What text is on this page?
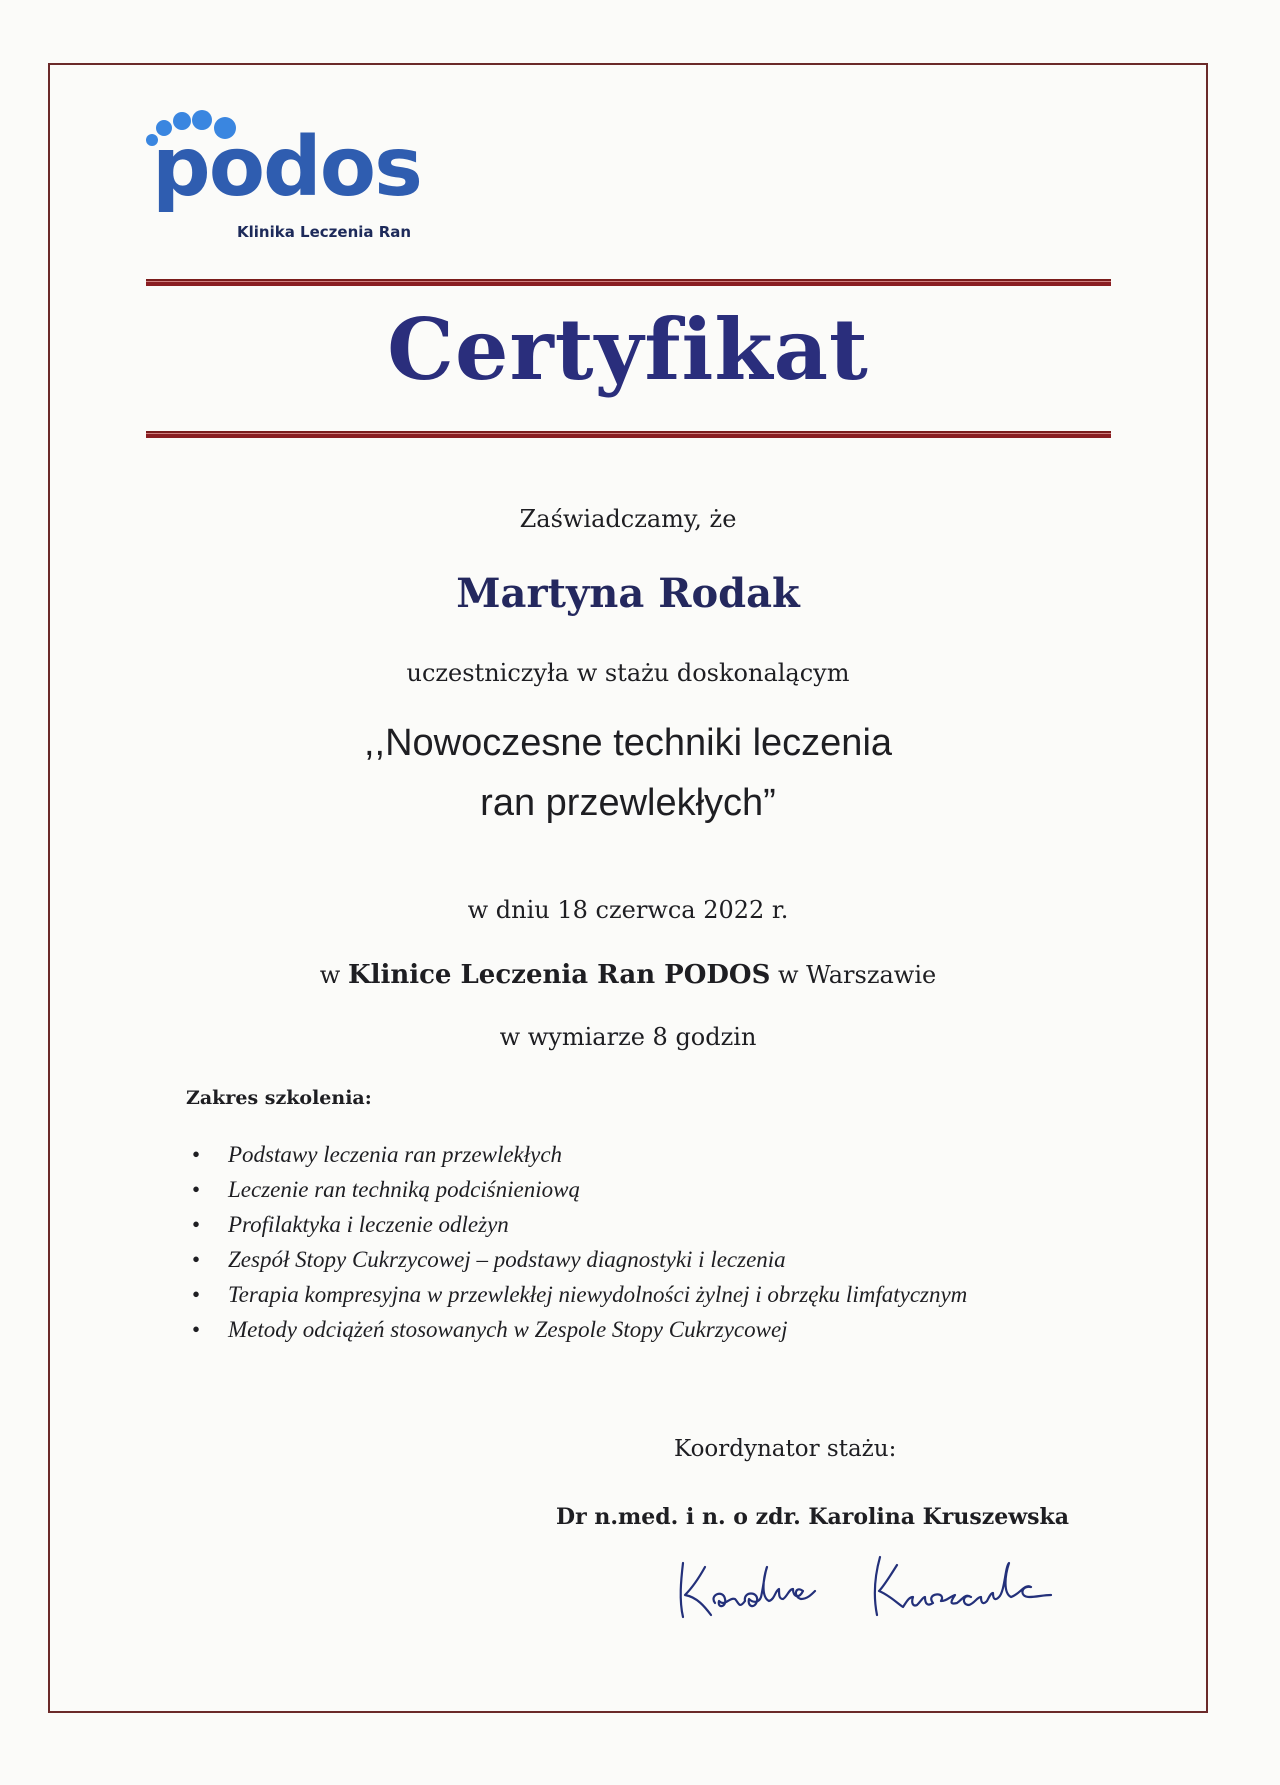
podos
Klinika Leczenia Ran
Certyfikat
Zaświadczamy, że
Martyna Rodak
uczestniczyła w stażu doskonalącym
,,Nowoczesne techniki leczenia
ran przewlekłych”
w dniu 18 czerwca 2022 r.
w Klinice Leczenia Ran PODOS w Warszawie
w wymiarze 8 godzin
Zakres szkolenia:
• Podstawy leczenia ran przewlekłych
• Leczenie ran techniką podciśnieniową
• Profilaktyka i leczenie odleżyn
• Zespół Stopy Cukrzycowej – podstawy diagnostyki i leczenia
• Terapia kompresyjna w przewlekłej niewydolności żylnej i obrzęku limfatycznym
• Metody odciążeń stosowanych w Zespole Stopy Cukrzycowej
Koordynator stażu:
Dr n.med. i n. o zdr. Karolina Kruszewska
